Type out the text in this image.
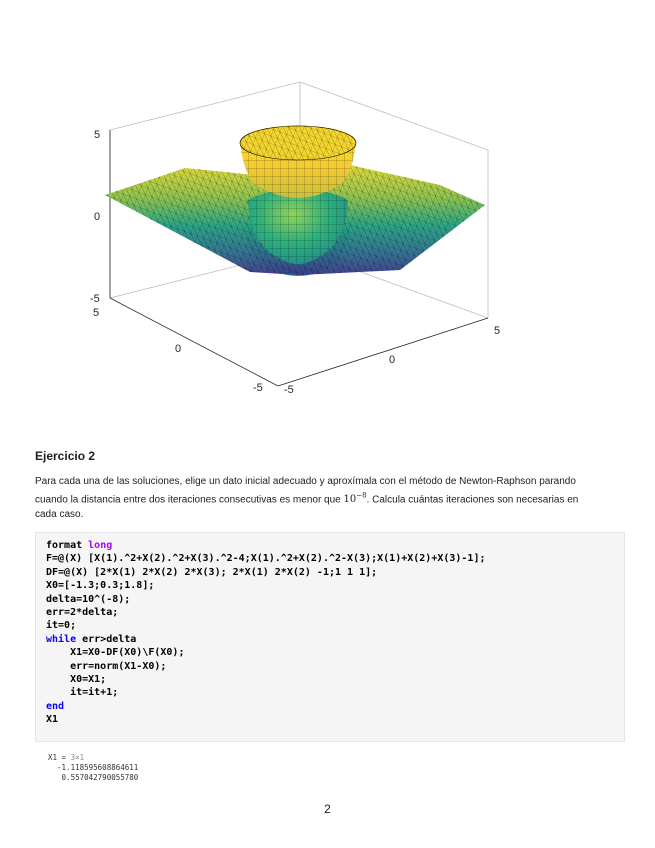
5
0
-5
5
0
-5 -5
0
5
Ejercicio 2
Para cada una de las soluciones, elige un dato inicial adecuado y aproxímala con el método de Newton-Raphson parando cuando la distancia entre dos iteraciones consecutivas es menor que $10^{-8}$. Calcula cuántas iteraciones son necesarias en cada caso.
format long
F=@(X) [X(1).^2+X(2).^2+X(3).^2-4;X(1).^2+X(2).^2-X(3);X(1)+X(2)+X(3)-1];
DF=@(X) [2*X(1) 2*X(2) 2*X(3); 2*X(1) 2*X(2) -1;1 1 1];
X0=[-1.3;0.3;1.8];
delta=10^(-8);
err=2*delta;
it=0;
while err>delta
X1=X0-DF(X0)\F(X0);
err=norm(X1-X0);
X0=X1;
it=it+1;
end
X1
X1 = 3×1
-1.118595608864611
0.557042790055780
2
